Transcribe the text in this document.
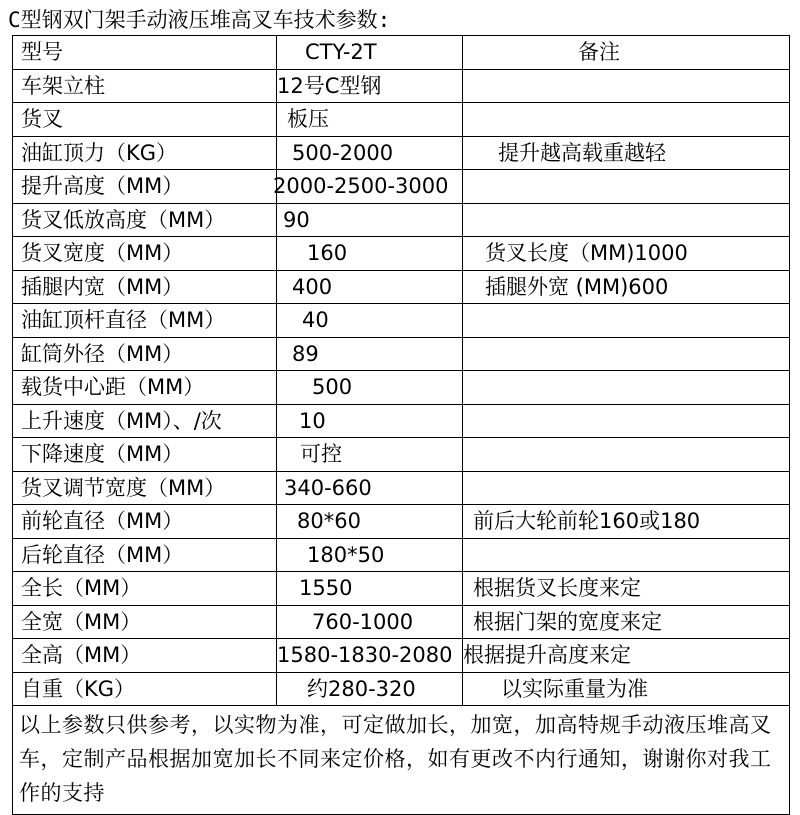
C型钢双门架手动液压堆高叉车技术参数:
型号	CTY-2T	备注
车架立柱	12号C型钢	
货叉	板压	
油缸顶力（KG）	500-2000	提升越高载重越轻
提升高度（MM）	2000-2500-3000	
货叉低放高度（MM）	90	
货叉宽度（MM）	160	货叉长度（MM)1000
插腿内宽（MM）	400	插腿外宽 (MM)600
油缸顶杆直径（MM）	40	
缸筒外径（MM）	89	
载货中心距（MM）	500	
上升速度（MM）、/次	10	
下降速度（MM）	可控	
货叉调节宽度（MM）	340-660	
前轮直径（MM）	80*60	前后大轮前轮160或180
后轮直径（MM）	180*50	
全长（MM）	1550	根据货叉长度来定
全宽（MM）	760-1000	根据门架的宽度来定
全高（MM）	1580-1830-2080	根据提升高度来定
自重（KG）	约280-320	以实际重量为准
以上参数只供参考，以实物为准，可定做加长，加宽，加高特规手动液压堆高叉车，定制产品根据加宽加长不同来定价格，如有更改不内行通知，谢谢你对我工作的支持		
